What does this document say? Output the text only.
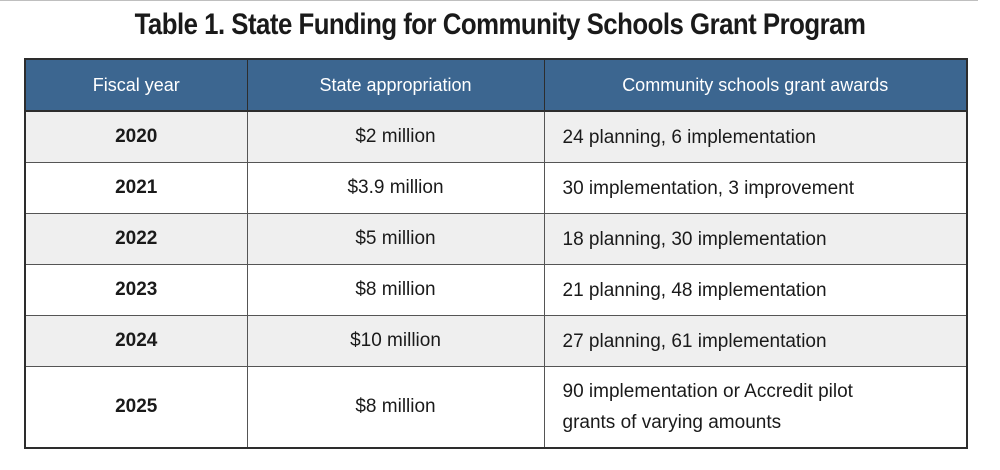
Table 1. State Funding for Community Schools Grant Program
Fiscal year	State appropriation	Community schools grant awards
2020	$2 million	24 planning, 6 implementation
2021	$3.9 million	30 implementation, 3 improvement
2022	$5 million	18 planning, 30 implementation
2023	$8 million	21 planning, 48 implementation
2024	$10 million	27 planning, 61 implementation
2025	$8 million	90 implementation or Accredit pilot
grants of varying amounts
